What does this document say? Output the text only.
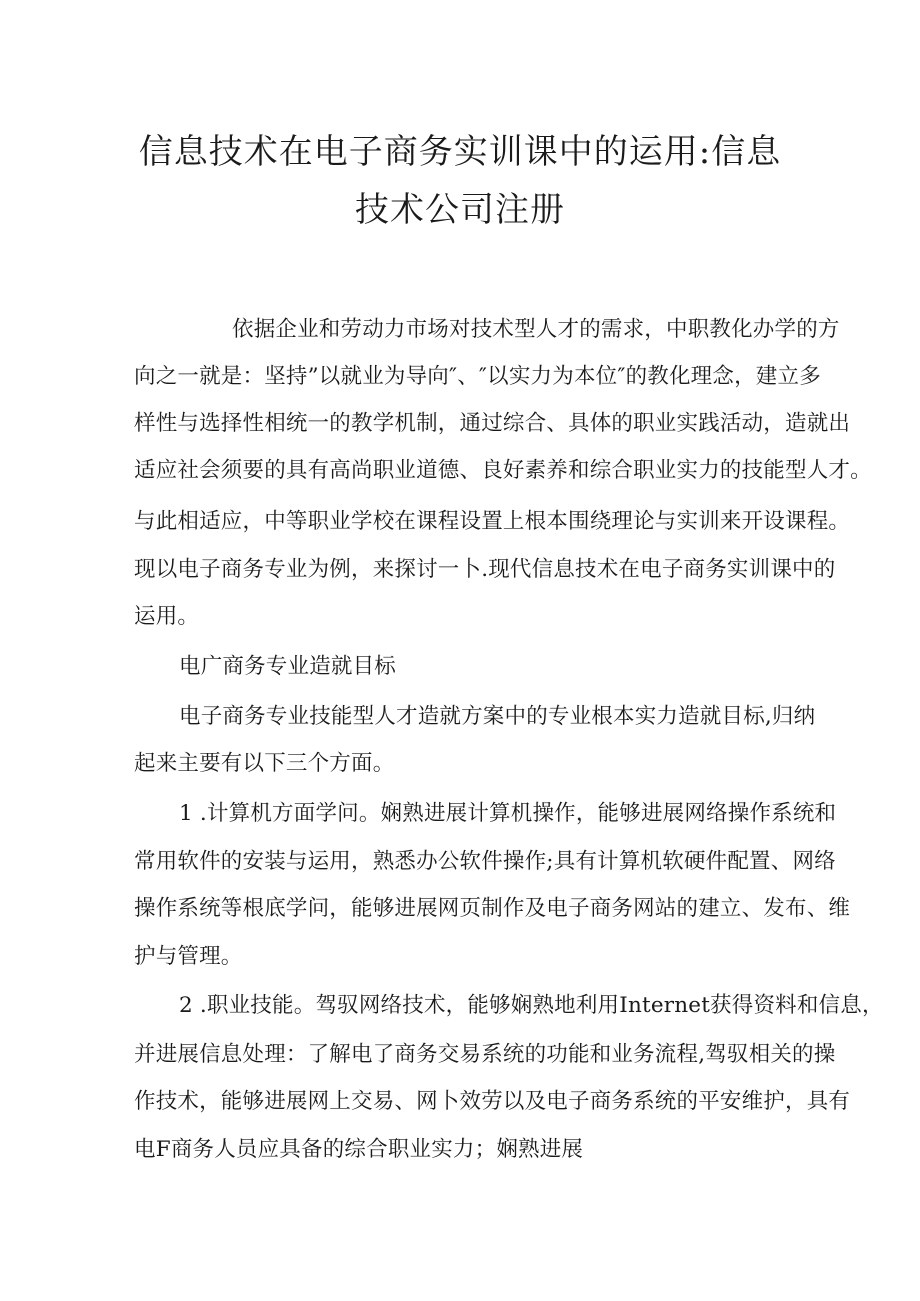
信息技术在电子商务实训课中的运用:信息
技术公司注册

依据企业和劳动力市场对技术型人才的需求，中职教化办学的方

向之一就是：坚持”以就业为导向″、″以实力为本位″的教化理念，建立多

样性与选择性相统一的教学机制，通过综合、具体的职业实践活动，造就出

适应社会须要的具有高尚职业道德、良好素养和综合职业实力的技能型人才。

与此相适应，中等职业学校在课程设置上根本围绕理论与实训来开设课程。

现以电子商务专业为例，来探讨一卜.现代信息技术在电子商务实训课中的

运用。

电广商务专业造就目标

电子商务专业技能型人才造就方案中的专业根本实力造就目标,归纳

起来主要有以下三个方面。

1 .计算机方面学问。娴熟进展计算机操作，能够进展网络操作系统和

常用软件的安装与运用，熟悉办公软件操作;具有计算机软硬件配置、网络

操作系统等根底学问，能够进展网页制作及电子商务网站的建立、发布、维

护与管理。

2 .职业技能。驾驭网络技术，能够娴熟地利用Internet获得资料和信息，

并进展信息处理：了解电了商务交易系统的功能和业务流程,驾驭相关的操

作技术，能够进展网上交易、网卜效劳以及电子商务系统的平安维护，具有

电F商务人员应具备的综合职业实力；娴熟进展
